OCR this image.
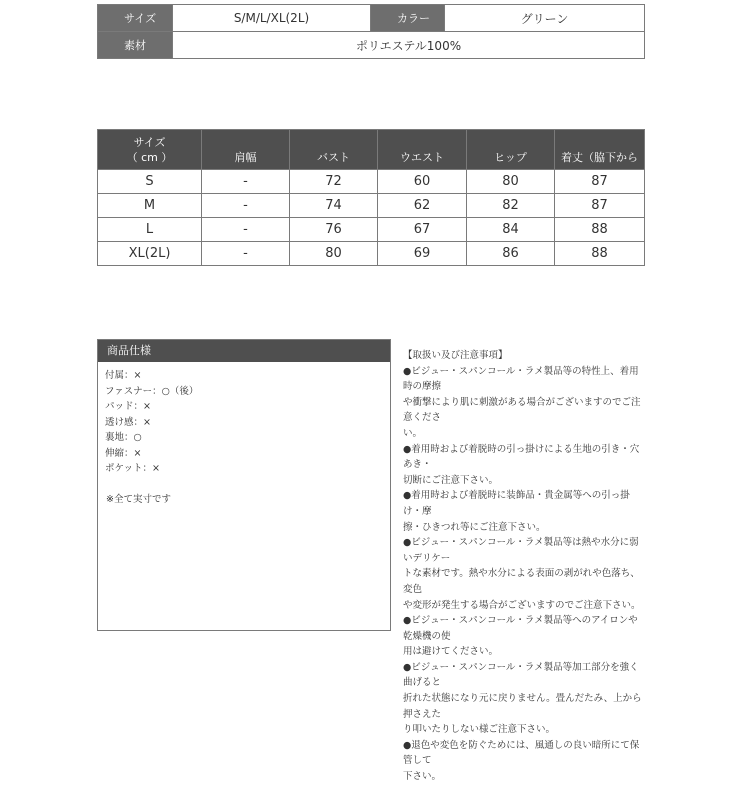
サイズ	S/M/L/XL(2L)	カラー	グリーン
素材	ポリエステル100%		
サイズ
（ cm ）	肩幅	バスト	ウエスト	ヒップ	着丈（脇下から
S	-	72	60	80	87
M	-	74	62	82	87
L	-	76	67	84	88
XL(2L)	-	80	69	86	88
商品仕様
付属：×
ファスナー：○（後）
パッド：×
透け感：×
裏地：○
伸縮：×
ポケット：×
※全て実寸です

【取扱い及び注意事項】

●ビジュー・スパンコール・ラメ製品等の特性上、着用時の摩擦

や衝撃により肌に刺激がある場合がございますのでご注意くださ

い。

●着用時および着脱時の引っ掛けによる生地の引き・穴あき・

切断にご注意下さい。

●着用時および着脱時に装飾品・貴金属等への引っ掛け・摩

擦・ひきつれ等にご注意下さい。

●ビジュー・スパンコール・ラメ製品等は熱や水分に弱いデリケー

トな素材です。熱や水分による表面の剥がれや色落ち、変色

や変形が発生する場合がございますのでご注意下さい。

●ビジュー・スパンコール・ラメ製品等へのアイロンや乾燥機の使

用は避けてください。

●ビジュー・スパンコール・ラメ製品等加工部分を強く曲げると

折れた状態になり元に戻りません。畳んだたみ、上から押さえた

り叩いたりしない様ご注意下さい。

●退色や変色を防ぐためには、風通しの良い暗所にて保管して

下さい。
